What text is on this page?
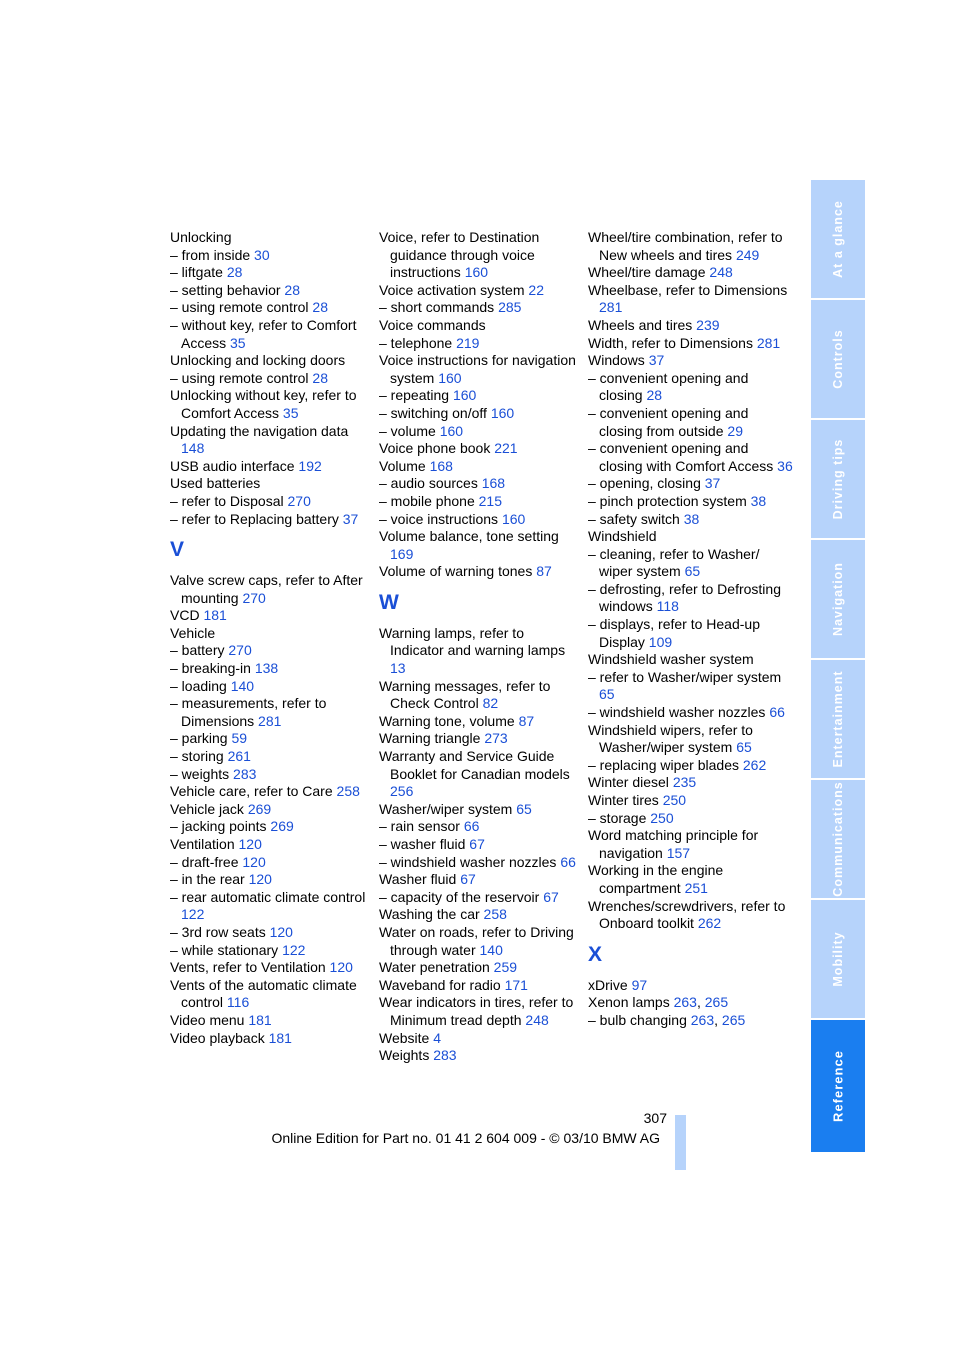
Unlocking
– from inside 30
– liftgate 28
– setting behavior 28
– using remote control 28
– without key, refer to Comfort Access 35
Unlocking and locking doors
– using remote control 28
Unlocking without key, refer to Comfort Access 35
Updating the navigation data 148
USB audio interface 192
Used batteries
– refer to Disposal 270
– refer to Replacing battery 37
V
Valve screw caps, refer to After mounting 270
VCD 181
Vehicle
– battery 270
– breaking-in 138
– loading 140
– measurements, refer to Dimensions 281
– parking 59
– storing 261
– weights 283
Vehicle care, refer to Care 258
Vehicle jack 269
– jacking points 269
Ventilation 120
– draft-free 120
– in the rear 120
– rear automatic climate control 122
– 3rd row seats 120
– while stationary 122
Vents, refer to Ventilation 120
Vents of the automatic climate control 116
Video menu 181
Video playback 181
Voice, refer to Destination guidance through voice instructions 160
Voice activation system 22
– short commands 285
Voice commands
– telephone 219
Voice instructions for navigation system 160
– repeating 160
– switching on/off 160
– volume 160
Voice phone book 221
Volume 168
– audio sources 168
– mobile phone 215
– voice instructions 160
Volume balance, tone setting 169
Volume of warning tones 87
W
Warning lamps, refer to Indicator and warning lamps 13
Warning messages, refer to Check Control 82
Warning tone, volume 87
Warning triangle 273
Warranty and Service Guide Booklet for Canadian models 256
Washer/wiper system 65
– rain sensor 66
– washer fluid 67
– windshield washer nozzles 66
Washer fluid 67
– capacity of the reservoir 67
Washing the car 258
Water on roads, refer to Driving through water 140
Water penetration 259
Waveband for radio 171
Wear indicators in tires, refer to Minimum tread depth 248
Website 4
Weights 283
Wheel/tire combination, refer to New wheels and tires 249
Wheel/tire damage 248
Wheelbase, refer to Dimensions 281
Wheels and tires 239
Width, refer to Dimensions 281
Windows 37
– convenient opening and closing 28
– convenient opening and closing from outside 29
– convenient opening and closing with Comfort Access 36
– opening, closing 37
– pinch protection system 38
– safety switch 38
Windshield
– cleaning, refer to Washer/ wiper system 65
– defrosting, refer to Defrosting windows 118
– displays, refer to Head-up Display 109
Windshield washer system
– refer to Washer/wiper system 65
– windshield washer nozzles 66
Windshield wipers, refer to Washer/wiper system 65
– replacing wiper blades 262
Winter diesel 235
Winter tires 250
– storage 250
Word matching principle for navigation 157
Working in the engine compartment 251
Wrenches/screwdrivers, refer to Onboard toolkit 262
X
xDrive 97
Xenon lamps 263, 265
– bulb changing 263, 265
At a glance
Controls
Driving tips
Navigation
Entertainment
Communications
Mobility
Reference
307
Online Edition for Part no. 01 41 2 604 009 - © 03/10 BMW AG
